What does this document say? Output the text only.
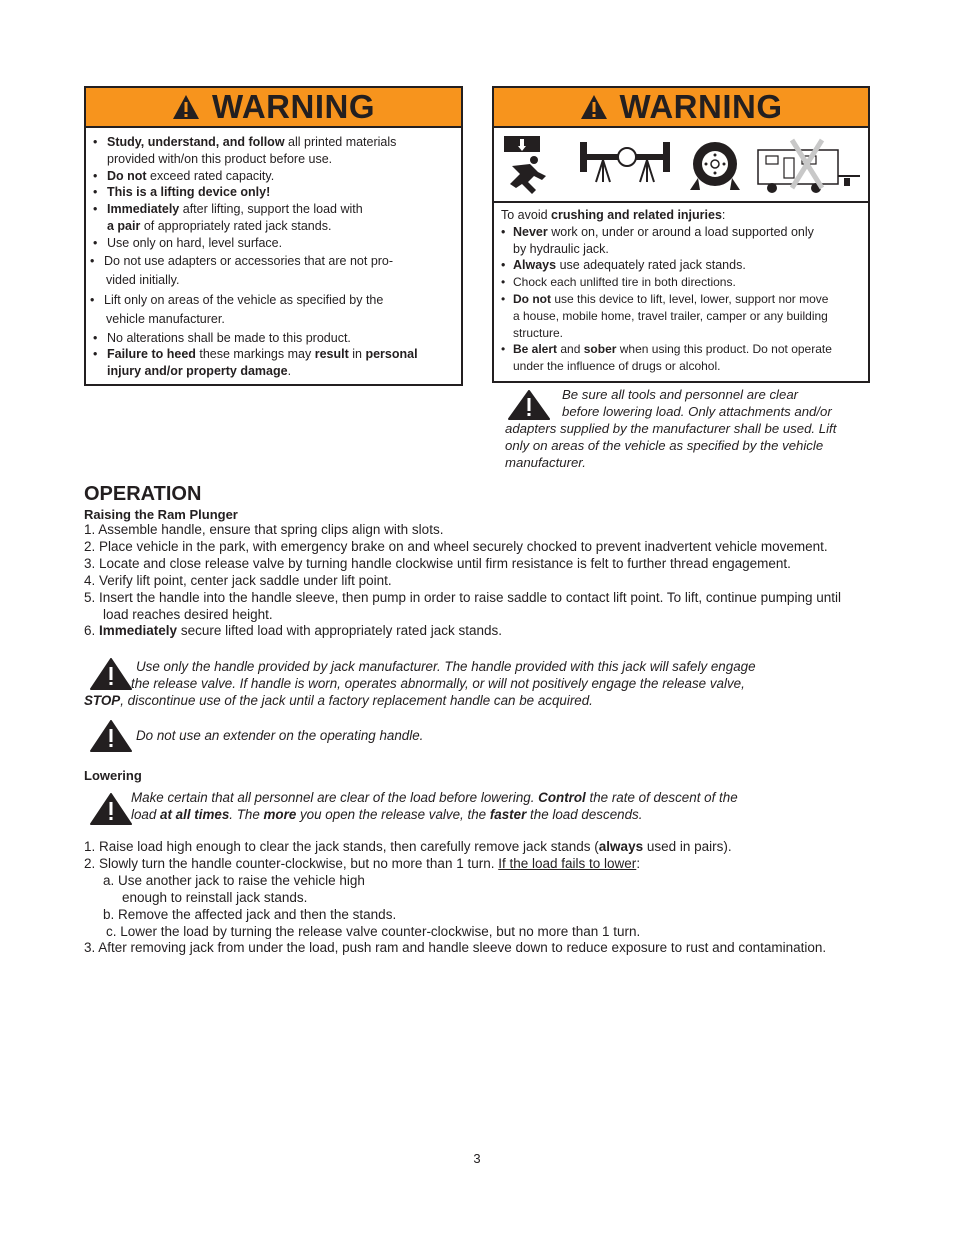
WARNING
• Study, understand, and follow all printed materials
provided with/on this product before use.
• Do not exceed rated capacity.
• This is a lifting device only!
• Immediately after lifting, support the load with
a pair of appropriately rated jack stands.
• Use only on hard, level surface.
• Do not use adapters or accessories that are not pro-
vided initially.
• Lift only on areas of the vehicle as specified by the
vehicle manufacturer.
• No alterations shall be made to this product.
• Failure to heed these markings may result in personal
injury and/or property damage.
WARNING
To avoid crushing and related injuries:
• Never work on, under or around a load supported only
by hydraulic jack.
• Always use adequately rated jack stands.
• Chock each unlifted tire in both directions.
• Do not use this device to lift, level, lower, support nor move
a house, mobile home, travel trailer, camper or any building
structure.
• Be alert and sober when using this product. Do not operate
under the influence of drugs or alcohol.
Be sure all tools and personnel are clear
before lowering load. Only attachments and/or
adapters supplied by the manufacturer shall be used. Lift
only on areas of the vehicle as specified by the vehicle
manufacturer.
OPERATION
Raising the Ram Plunger
1. Assemble handle, ensure that spring clips align with slots.
2. Place vehicle in the park, with emergency brake on and wheel securely chocked to prevent inadvertent vehicle movement.
3. Locate and close release valve by turning handle clockwise until firm resistance is felt to further thread engagement.
4. Verify lift point, center jack saddle under lift point.
5. Insert the handle into the handle sleeve, then pump in order to raise saddle to contact lift point. To lift, continue pumping until
load reaches desired height.
6. Immediately secure lifted load with appropriately rated jack stands.
Use only the handle provided by jack manufacturer. The handle provided with this jack will safely engage
the release valve. If handle is worn, operates abnormally, or will not positively engage the release valve,
STOP, discontinue use of the jack until a factory replacement handle can be acquired.
Do not use an extender on the operating handle.
Lowering
Make certain that all personnel are clear of the load before lowering. Control the rate of descent of the
load at all times. The more you open the release valve, the faster the load descends.
1. Raise load high enough to clear the jack stands, then carefully remove jack stands (always used in pairs).
2. Slowly turn the handle counter-clockwise, but no more than 1 turn. If the load fails to lower:
a. Use another jack to raise the vehicle high
enough to reinstall jack stands.
b. Remove the affected jack and then the stands.
c. Lower the load by turning the release valve counter-clockwise, but no more than 1 turn.
3. After removing jack from under the load, push ram and handle sleeve down to reduce exposure to rust and contamination.
3
